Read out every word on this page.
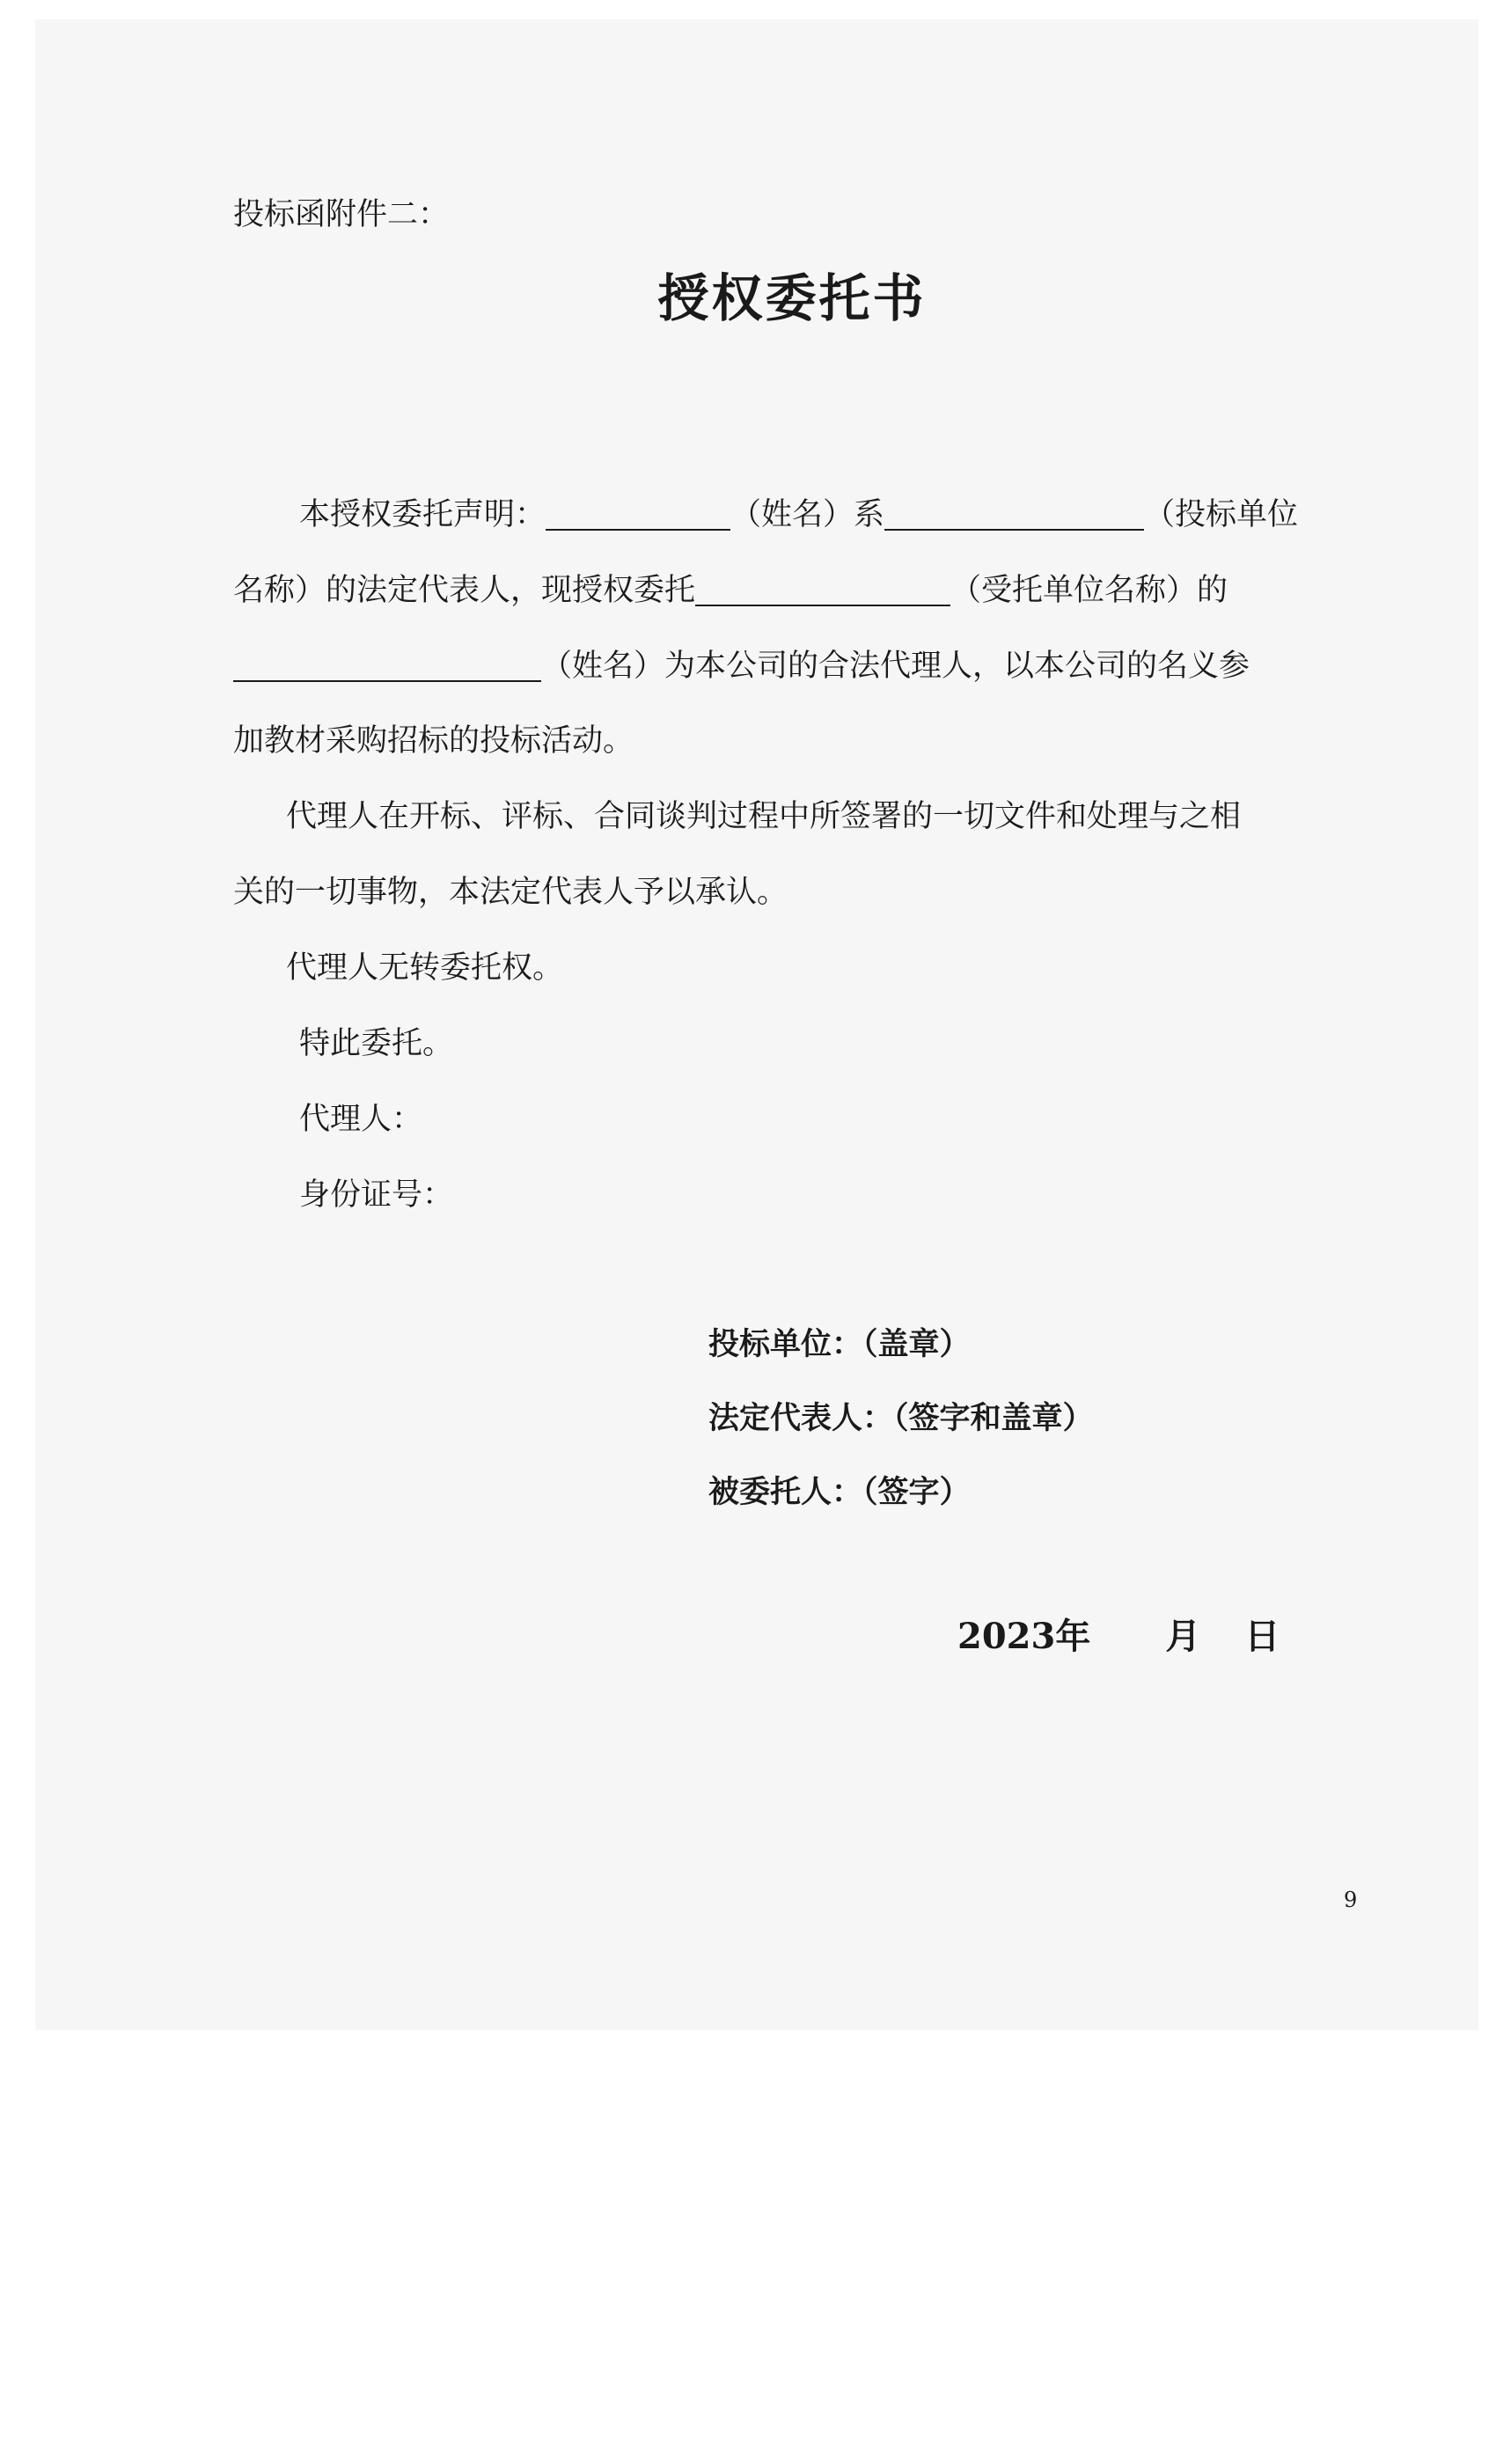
投标函附件二：
授权委托书
本授权委托声明：	（姓名）系	（投标单位
名称）的法定代表人，现授权委托	（受托单位名称）的
（姓名）为本公司的合法代理人，以本公司的名义参
加教材采购招标的投标活动。
代理人在开标、评标、合同谈判过程中所签署的一切文件和处理与之相
关的一切事物，本法定代表人予以承认。
代理人无转委托权。
特此委托。
代理人：
身份证号：
投标单位：（盖章）
法定代表人：（签字和盖章）
被委托人：（签字）
2023年 月 日
9
